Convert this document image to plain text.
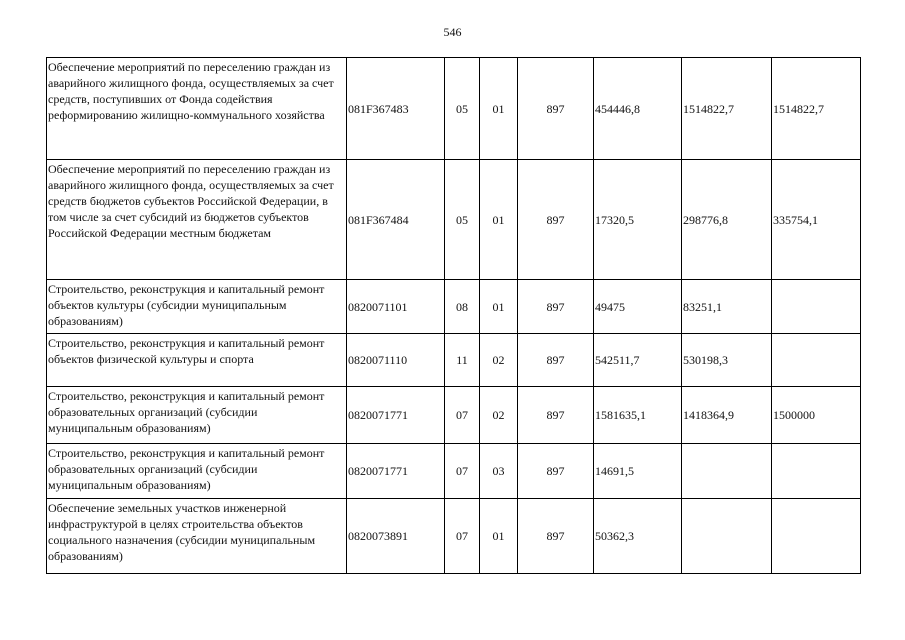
546
Обеспечение мероприятий по переселению граждан из аварийного жилищного фонда, осуществляемых за счет средств, поступивших от Фонда содействия реформированию жилищно-коммунального хозяйства	081F367483	05	01	897	454446,8	1514822,7	1514822,7
Обеспечение мероприятий по переселению граждан из аварийного жилищного фонда, осуществляемых за счет средств бюджетов субъектов Российской Федерации, в том числе за счет субсидий из бюджетов субъектов Российской Федерации местным бюджетам	081F367484	05	01	897	17320,5	298776,8	335754,1
Строительство, реконструкция и капитальный ремонт объектов культуры (субсидии муниципальным образованиям)	0820071101	08	01	897	49475	83251,1	
Строительство, реконструкция и капитальный ремонт объектов физической культуры и спорта	0820071110	11	02	897	542511,7	530198,3	
Строительство, реконструкция и капитальный ремонт образовательных организаций (субсидии муниципальным образованиям)	0820071771	07	02	897	1581635,1	1418364,9	1500000
Строительство, реконструкция и капитальный ремонт образовательных организаций (субсидии муниципальным образованиям)	0820071771	07	03	897	14691,5		
Обеспечение земельных участков инженерной инфраструктурой в целях строительства объектов социального назначения (субсидии муниципальным образованиям)	0820073891	07	01	897	50362,3		
